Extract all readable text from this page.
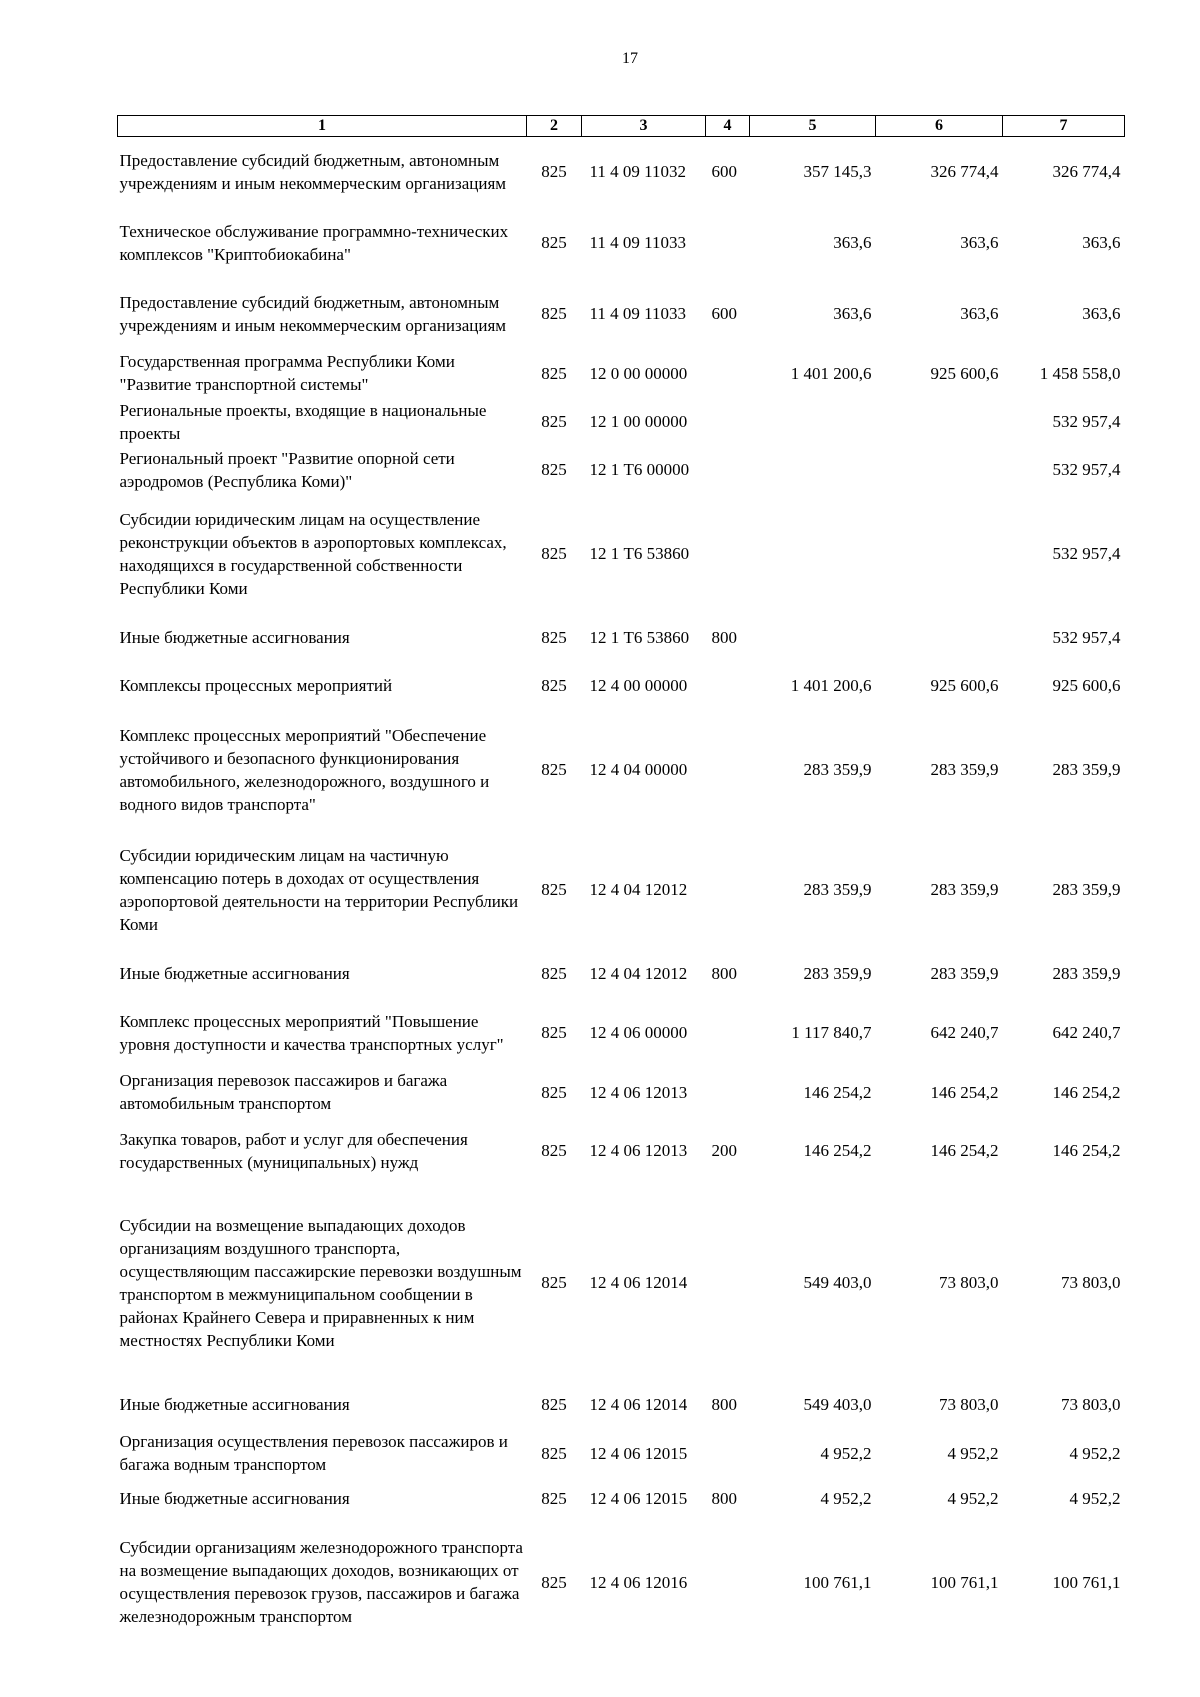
17
1	2	3	4	5	6	7
Предоставление субсидий бюджетным, автономным учреждениям и иным некоммерческим организациям	825	11 4 09 11032	600	357 145,3	326 774,4	326 774,4
Техническое обслуживание программно-технических комплексов "Криптобиокабина"	825	11 4 09 11033		363,6	363,6	363,6
Предоставление субсидий бюджетным, автономным учреждениям и иным некоммерческим организациям	825	11 4 09 11033	600	363,6	363,6	363,6
Государственная программа Республики Коми "Развитие транспортной системы"	825	12 0 00 00000		1 401 200,6	925 600,6	1 458 558,0
Региональные проекты, входящие в национальные проекты	825	12 1 00 00000				532 957,4
Региональный проект "Развитие опорной сети аэродромов (Республика Коми)"	825	12 1 Т6 00000				532 957,4
Субсидии юридическим лицам на осуществление реконструкции объектов в аэропортовых комплексах, находящихся в государственной собственности Республики Коми	825	12 1 Т6 53860				532 957,4
Иные бюджетные ассигнования	825	12 1 Т6 53860	800			532 957,4
Комплексы процессных мероприятий	825	12 4 00 00000		1 401 200,6	925 600,6	925 600,6
Комплекс процессных мероприятий "Обеспечение устойчивого и безопасного функционирования автомобильного, железнодорожного, воздушного и водного видов транспорта"	825	12 4 04 00000		283 359,9	283 359,9	283 359,9
Субсидии юридическим лицам на частичную компенсацию потерь в доходах от осуществления аэропортовой деятельности на территории Республики Коми	825	12 4 04 12012		283 359,9	283 359,9	283 359,9
Иные бюджетные ассигнования	825	12 4 04 12012	800	283 359,9	283 359,9	283 359,9
Комплекс процессных мероприятий "Повышение уровня доступности и качества транспортных услуг"	825	12 4 06 00000		1 117 840,7	642 240,7	642 240,7
Организация перевозок пассажиров и багажа автомобильным транспортом	825	12 4 06 12013		146 254,2	146 254,2	146 254,2
Закупка товаров, работ и услуг для обеспечения государственных (муниципальных) нужд	825	12 4 06 12013	200	146 254,2	146 254,2	146 254,2
Субсидии на возмещение выпадающих доходов организациям воздушного транспорта, осуществляющим пассажирские перевозки воздушным транспортом в межмуниципальном сообщении в районах Крайнего Севера и приравненных к ним местностях Республики Коми	825	12 4 06 12014		549 403,0	73 803,0	73 803,0
Иные бюджетные ассигнования	825	12 4 06 12014	800	549 403,0	73 803,0	73 803,0
Организация осуществления перевозок пассажиров и багажа водным транспортом	825	12 4 06 12015		4 952,2	4 952,2	4 952,2
Иные бюджетные ассигнования	825	12 4 06 12015	800	4 952,2	4 952,2	4 952,2
Субсидии организациям железнодорожного транспорта на возмещение выпадающих доходов, возникающих от осуществления перевозок грузов, пассажиров и багажа железнодорожным транспортом	825	12 4 06 12016		100 761,1	100 761,1	100 761,1
